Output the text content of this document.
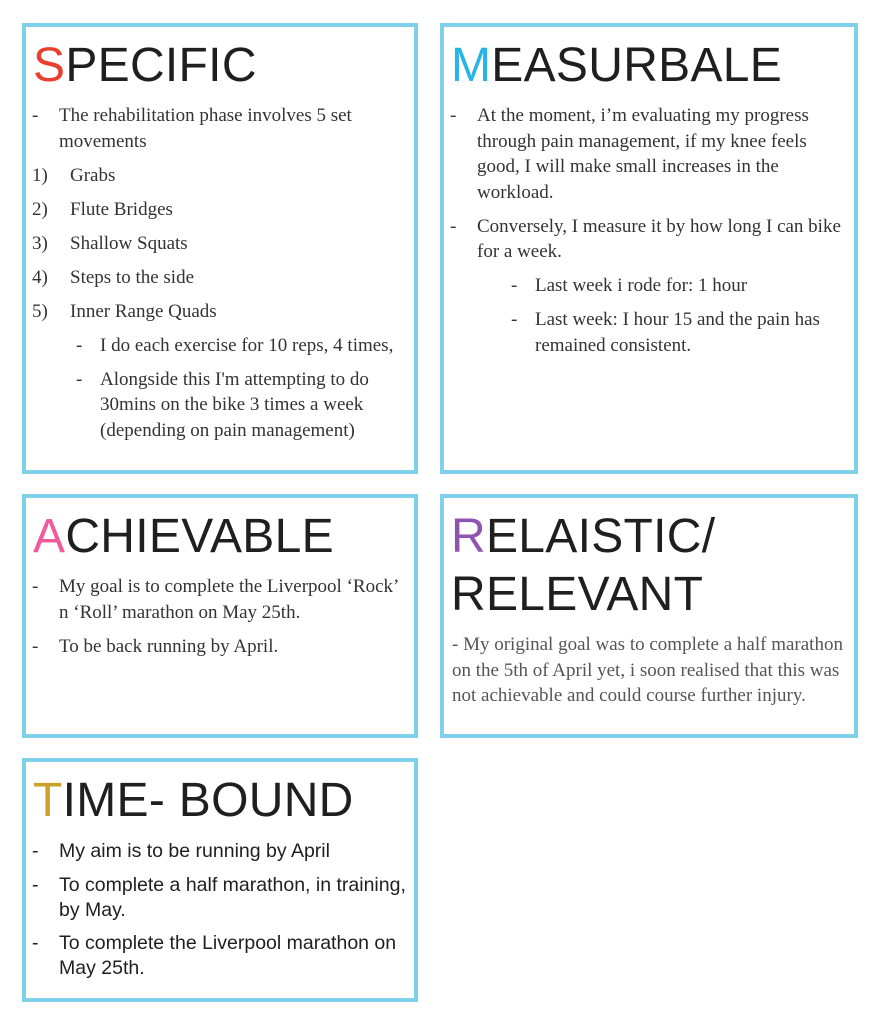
SPECIFIC
- The rehabilitation phase involves 5 set movements
1) Grabs
2) Flute Bridges
3) Shallow Squats
4) Steps to the side
5) Inner Range Quads
- I do each exercise for 10 reps, 4 times,
- Alongside this I'm attempting to do 30mins on the bike 3 times a week (depending on pain management)
MEASURBALE
- At the moment, i’m evaluating my progress through pain management, if my knee feels good, I will make small increases in the workload.
- Conversely, I measure it by how long I can bike for a week.
- Last week i rode for: 1 hour
- Last week: I hour 15 and the pain has remained consistent.
ACHIEVABLE
- My goal is to complete the Liverpool ‘Rock’ n ‘Roll’ marathon on May 25th.
- To be back running by April.
RELAISTIC/
RELEVANT
- My original goal was to complete a half marathon on the 5th of April yet, i soon realised that this was not achievable and could course further injury.
TIME- BOUND
- My aim is to be running by April
- To complete a half marathon, in training, by May.
- To complete the Liverpool marathon on May 25th.
